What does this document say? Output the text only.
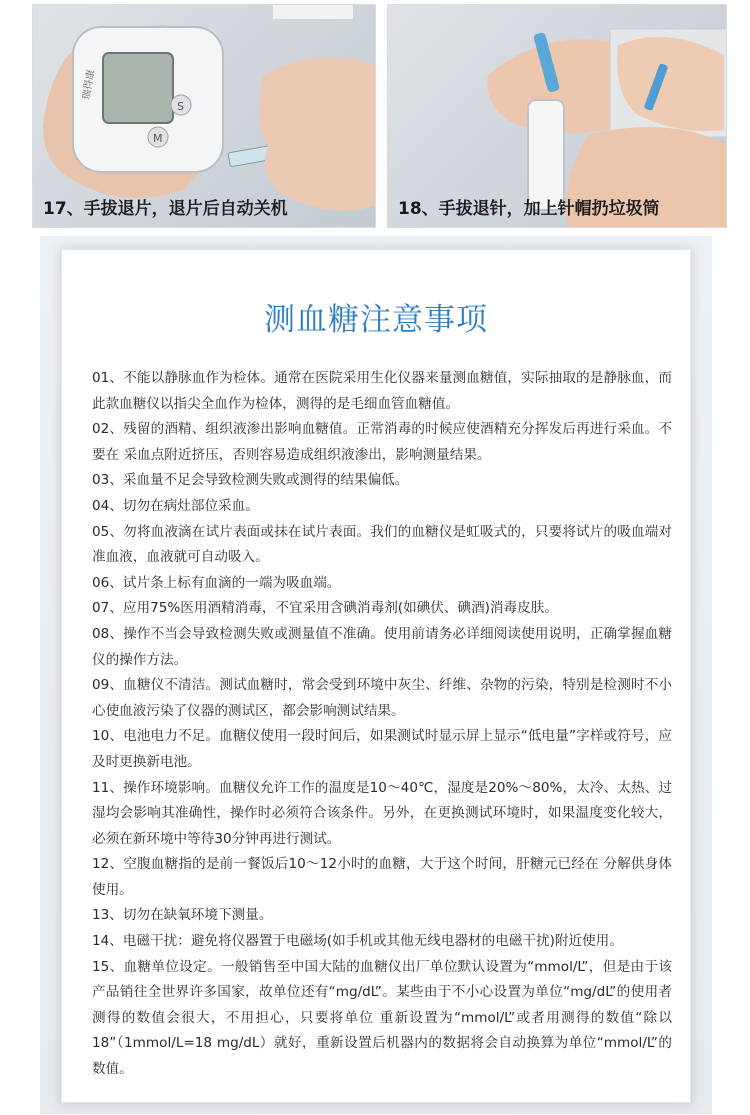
S
M
瑞得康
17、手拔退片，退片后自动关机	18、手拔退针，加上针帽扔垃圾筒
测血糖注意事项
01、不能以静脉血作为检体。通常在医院采用生化仪器来量测血糖值，实际抽取的是静脉血，而此款血糖仪以指尖全血作为检体，测得的是毛细血管血糖值。
02、残留的酒精、组织液渗出影响血糖值。正常消毒的时候应使酒精充分挥发后再进行采血。不要在 采血点附近挤压，否则容易造成组织液渗出，影响测量结果。
03、采血量不足会导致检测失败或测得的结果偏低。
04、切勿在病灶部位采血。
05、勿将血液滴在试片表面或抹在试片表面。我们的血糖仪是虹吸式的，只要将试片的吸血端对准血液，血液就可自动吸入。
06、试片条上标有血滴的一端为吸血端。
07、应用75%医用酒精消毒，不宜采用含碘消毒剂(如碘伏、碘酒)消毒皮肤。
08、操作不当会导致检测失败或测量值不准确。使用前请务必详细阅读使用说明，正确掌握血糖仪的操作方法。
09、血糖仪不清洁。测试血糖时，常会受到环境中灰尘、纤维、杂物的污染，特别是检测时不小心使血液污染了仪器的测试区，都会影响测试结果。
10、电池电力不足。血糖仪使用一段时间后，如果测试时显示屏上显示“低电量”字样或符号，应及时更换新电池。
11、操作环境影响。血糖仪允许工作的温度是10～40℃，湿度是20%～80%，太冷、太热、过湿均会影响其准确性，操作时必须符合该条件。另外，在更换测试环境时，如果温度变化较大，必须在新环境中等待30分钟再进行测试。
12、空腹血糖指的是前一餐饭后10～12小时的血糖，大于这个时间，肝糖元已经在 分解供身体使用。
13、切勿在缺氧环境下测量。
14、电磁干扰：避免将仪器置于电磁场(如手机或其他无线电器材的电磁干扰)附近使用。
15、血糖单位设定。一般销售至中国大陆的血糖仪出厂单位默认设置为“mmol/L”，但是由于该产品销往全世界许多国家，故单位还有“mg/dL”。某些由于不小心设置为单位“mg/dL”的使用者测得的数值会很大，不用担心，只要将单位 重新设置为“mmol/L”或者用测得的数值“除以18”（1mmol/L=18 mg/dL）就好，重新设置后机器内的数据将会自动换算为单位“mmol/L”的数值。
